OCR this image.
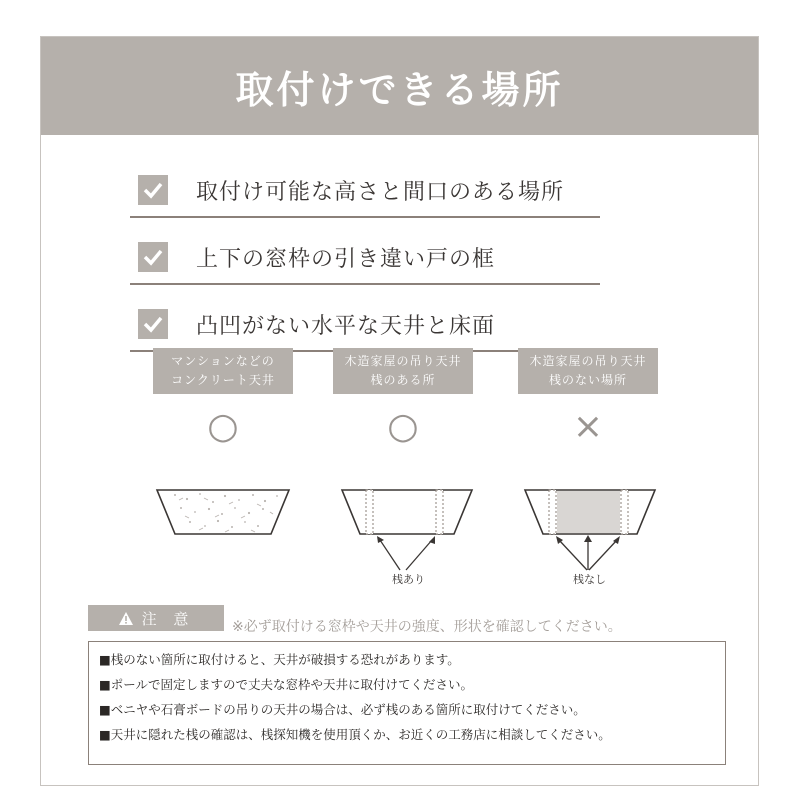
取付けできる場所
取付け可能な高さと間口のある場所
上下の窓枠の引き違い戸の框
凸凹がない水平な天井と床面
マンションなどの
コンクリート天井
木造家屋の吊り天井
桟のある所
木造家屋の吊り天井
桟のない場所
○	○	×
桟あり	桟なし
注 意	※必ず取付ける窓枠や天井の強度、形状を確認してください。

■桟のない箇所に取付けると、天井が破損する恐れがあります。

■ポールで固定しますので丈夫な窓枠や天井に取付けてください。

■ベニヤや石膏ボードの吊りの天井の場合は、必ず桟のある箇所に取付けてください。

■天井に隠れた桟の確認は、桟探知機を使用頂くか、お近くの工務店に相談してください。
